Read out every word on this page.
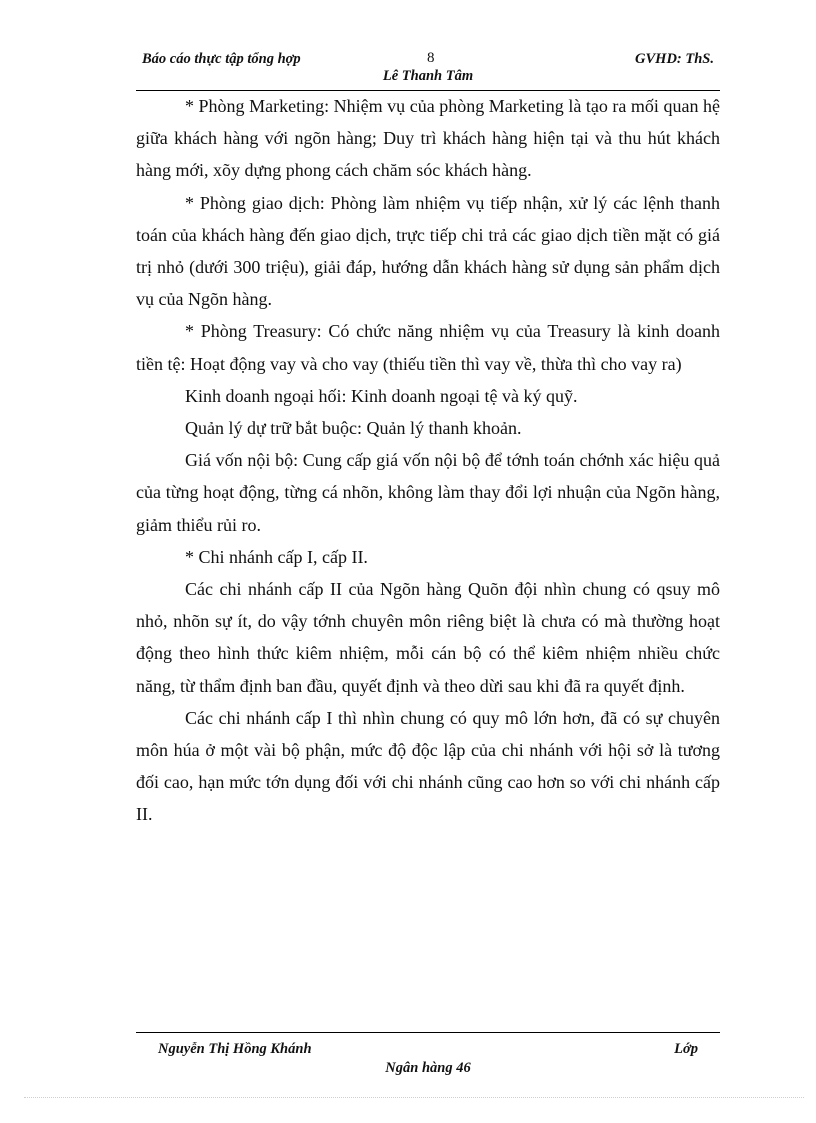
Báo cáo thực tập tổng hợp	8	GVHD: ThS.
Lê Thanh Tâm

* Phòng Marketing: Nhiệm vụ của phòng Marketing là tạo ra mối quan hệ giữa khách hàng với ngõn hàng; Duy trì khách hàng hiện tại và thu hút khách hàng mới, xõy dựng phong cách chăm sóc khách hàng.

* Phòng giao dịch: Phòng làm nhiệm vụ tiếp nhận, xử lý các lệnh thanh toán của khách hàng đến giao dịch, trực tiếp chi trả các giao dịch tiền mặt có giá trị nhỏ (dưới 300 triệu), giải đáp, hướng dẫn khách hàng sử dụng sản phẩm dịch vụ của Ngõn hàng.

* Phòng Treasury: Có chức năng nhiệm vụ của Treasury là kinh doanh tiền tệ: Hoạt động vay và cho vay (thiếu tiền thì vay về, thừa thì cho vay ra)

Kinh doanh ngoại hối: Kinh doanh ngoại tệ và ký quỹ.

Quản lý dự trữ bắt buộc: Quản lý thanh khoản.

Giá vốn nội bộ: Cung cấp giá vốn nội bộ để tớnh toán chớnh xác hiệu quả của từng hoạt động, từng cá nhõn, không làm thay đổi lợi nhuận của Ngõn hàng, giảm thiểu rủi ro.

* Chi nhánh cấp I, cấp II.

Các chi nhánh cấp II của Ngõn hàng Quõn đội nhìn chung có qsuy mô nhỏ, nhõn sự ít, do vậy tớnh chuyên môn riêng biệt là chưa có mà thường hoạt động theo hình thức kiêm nhiệm, mỗi cán bộ có thể kiêm nhiệm nhiều chức năng, từ thẩm định ban đầu, quyết định và theo dừi sau khi đã ra quyết định.

Các chi nhánh cấp I thì nhìn chung có quy mô lớn hơn, đã có sự chuyên môn húa ở một vài bộ phận, mức độ độc lập của chi nhánh với hội sở là tương đối cao, hạn mức tớn dụng đối với chi nhánh cũng cao hơn so với chi nhánh cấp II.

Nguyễn Thị Hồng Khánh	Lớp
Ngân hàng 46
